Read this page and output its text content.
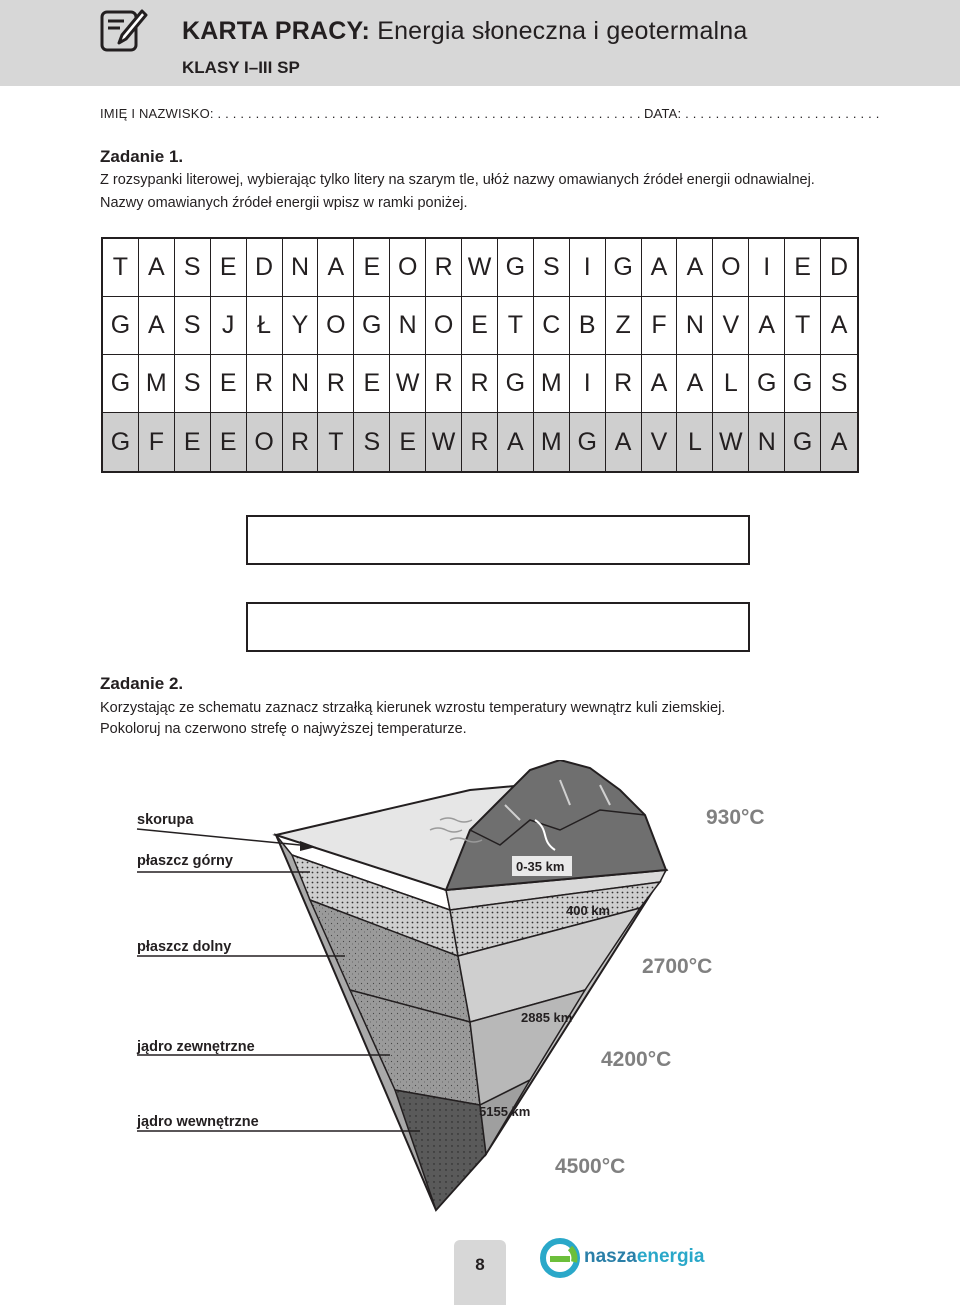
KARTA PRACY: Energia słoneczna i geotermalna
KLASY I–III SP
IMIĘ I NAZWISKO: . . . . . . . . . . . . . . . . . . . . . . . . . . . . . . . . . . . . . . . . . . . . . . . . . . . . . . . . . . .
DATA: . . . . . . . . . . . . . . . . . . . . . . . . . .
Zadanie 1.
Z rozsypanki literowej, wybierając tylko litery na szarym tle, ułóż nazwy omawianych źródeł energii odnawialnej.
Nazwy omawianych źródeł energii wpisz w ramki poniżej.
T A S E D N A E O R W G S I G A A O I E D
G A S J Ł Y O G N O E T C B Z F N V A T A
G M S E R N R E W R R G M I R A A L G G S
G F E E O R T S E W R A M G A V L W N G A
Zadanie 2.
Korzystając ze schematu zaznacz strzałką kierunek wzrostu temperatury wewnątrz kuli ziemskiej.
Pokoloruj na czerwono strefę o najwyższej temperaturze.
skorupa
płaszcz górny
płaszcz dolny
jądro zewnętrzne
jądro wewnętrzne
0-35 km
400 km
2885 km
5155 km
930°C
2700°C
4200°C
4500°C
8	naszaenergia
